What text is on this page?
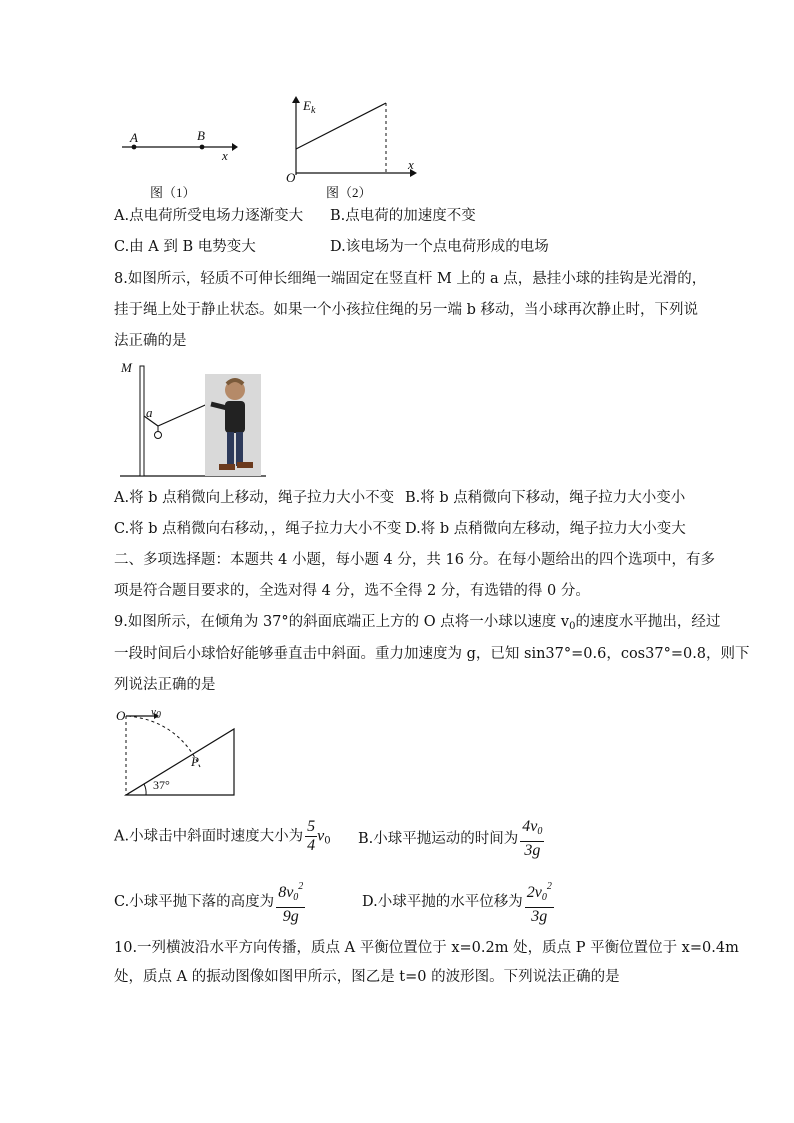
A	B
x
图（1）
$E_k$
x
O
图（2）
A.点电荷所受电场力逐渐变大 B.点电荷的加速度不变
C.由 A 到 B 电势变大	D.该电场为一个点电荷形成的电场
8.如图所示，轻质不可伸长细绳一端固定在竖直杆 M 上的 a 点，悬挂小球的挂钩是光滑的，
挂于绳上处于静止状态。如果一个小孩拉住绳的另一端 b 移动，当小球再次静止时，下列说
法正确的是
M
a
A.将 b 点稍微向上移动，绳子拉力大小不变 B.将 b 点稍微向下移动，绳子拉力大小变小
C.将 b 点稍微向右移动，，绳子拉力大小不变 D.将 b 点稍微向左移动，绳子拉力大小变大
二、多项选择题：本题共 4 小题，每小题 4 分，共 16 分。在每小题给出的四个选项中，有多
项是符合题目要求的，全选对得 4 分，选不全得 2 分，有选错的得 0 分。
9.如图所示，在倾角为 37°的斜面底端正上方的 O 点将一小球以速度 $v_0$的速度水平抛出，经过
一段时间后小球恰好能够垂直击中斜面。重力加速度为 g，已知 sin37°=0.6，cos37°=0.8，则下
列说法正确的是
O v0
P
37°
A.小球击中斜面时速度大小为 $\frac{5}{4} v_0$ B.小球平抛运动的时间为 $\frac{4v_0}{3g}$
C.小球平抛下落的高度为 $\frac{8v_0^2}{9g}$	D.小球平抛的水平位移为 $\frac{2v_0^2}{3g}$
10.一列横波沿水平方向传播，质点 A 平衡位置位于 x=0.2m 处，质点 P 平衡位置位于 x=0.4m
处，质点 A 的振动图像如图甲所示，图乙是 t=0 的波形图。下列说法正确的是
